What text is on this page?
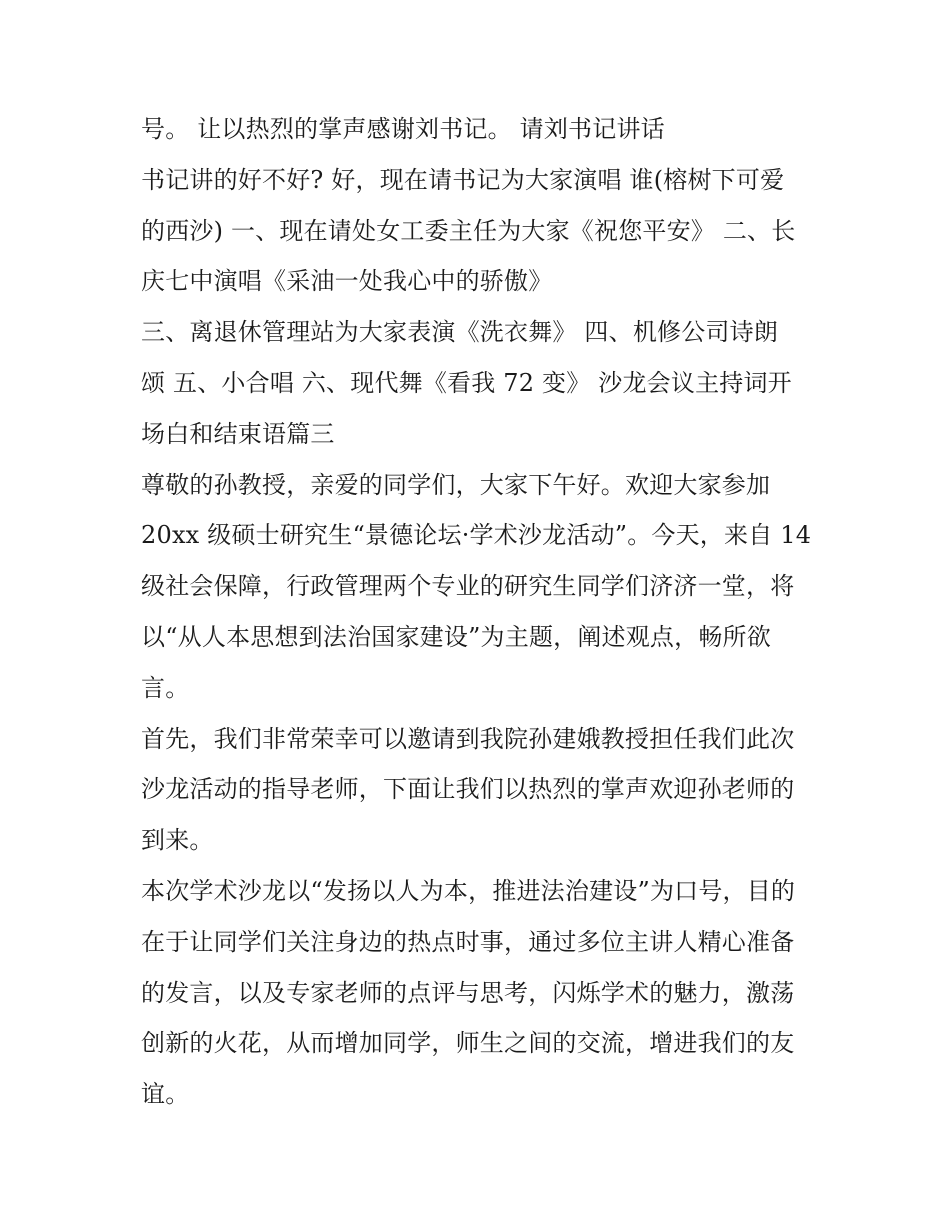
号。 让以热烈的掌声感谢刘书记。 请刘书记讲话

书记讲的好不好? 好，现在请书记为大家演唱 谁(榕树下可爱
的西沙) 一、现在请处女工委主任为大家《祝您平安》 二、长
庆七中演唱《采油一处我心中的骄傲》

三、离退休管理站为大家表演《洗衣舞》 四、机修公司诗朗
颂 五、小合唱 六、现代舞《看我 72 变》 沙龙会议主持词开
场白和结束语篇三

尊敬的孙教授，亲爱的同学们，大家下午好。欢迎大家参加
20xx 级硕士研究生“景德论坛·学术沙龙活动”。今天，来自 14
级社会保障，行政管理两个专业的研究生同学们济济一堂，将
以“从人本思想到法治国家建设”为主题，阐述观点，畅所欲
言。

首先，我们非常荣幸可以邀请到我院孙建娥教授担任我们此次
沙龙活动的指导老师，下面让我们以热烈的掌声欢迎孙老师的
到来。

本次学术沙龙以“发扬以人为本，推进法治建设”为口号，目的
在于让同学们关注身边的热点时事，通过多位主讲人精心准备
的发言，以及专家老师的点评与思考，闪烁学术的魅力，激荡
创新的火花，从而增加同学，师生之间的交流，增进我们的友
谊。
